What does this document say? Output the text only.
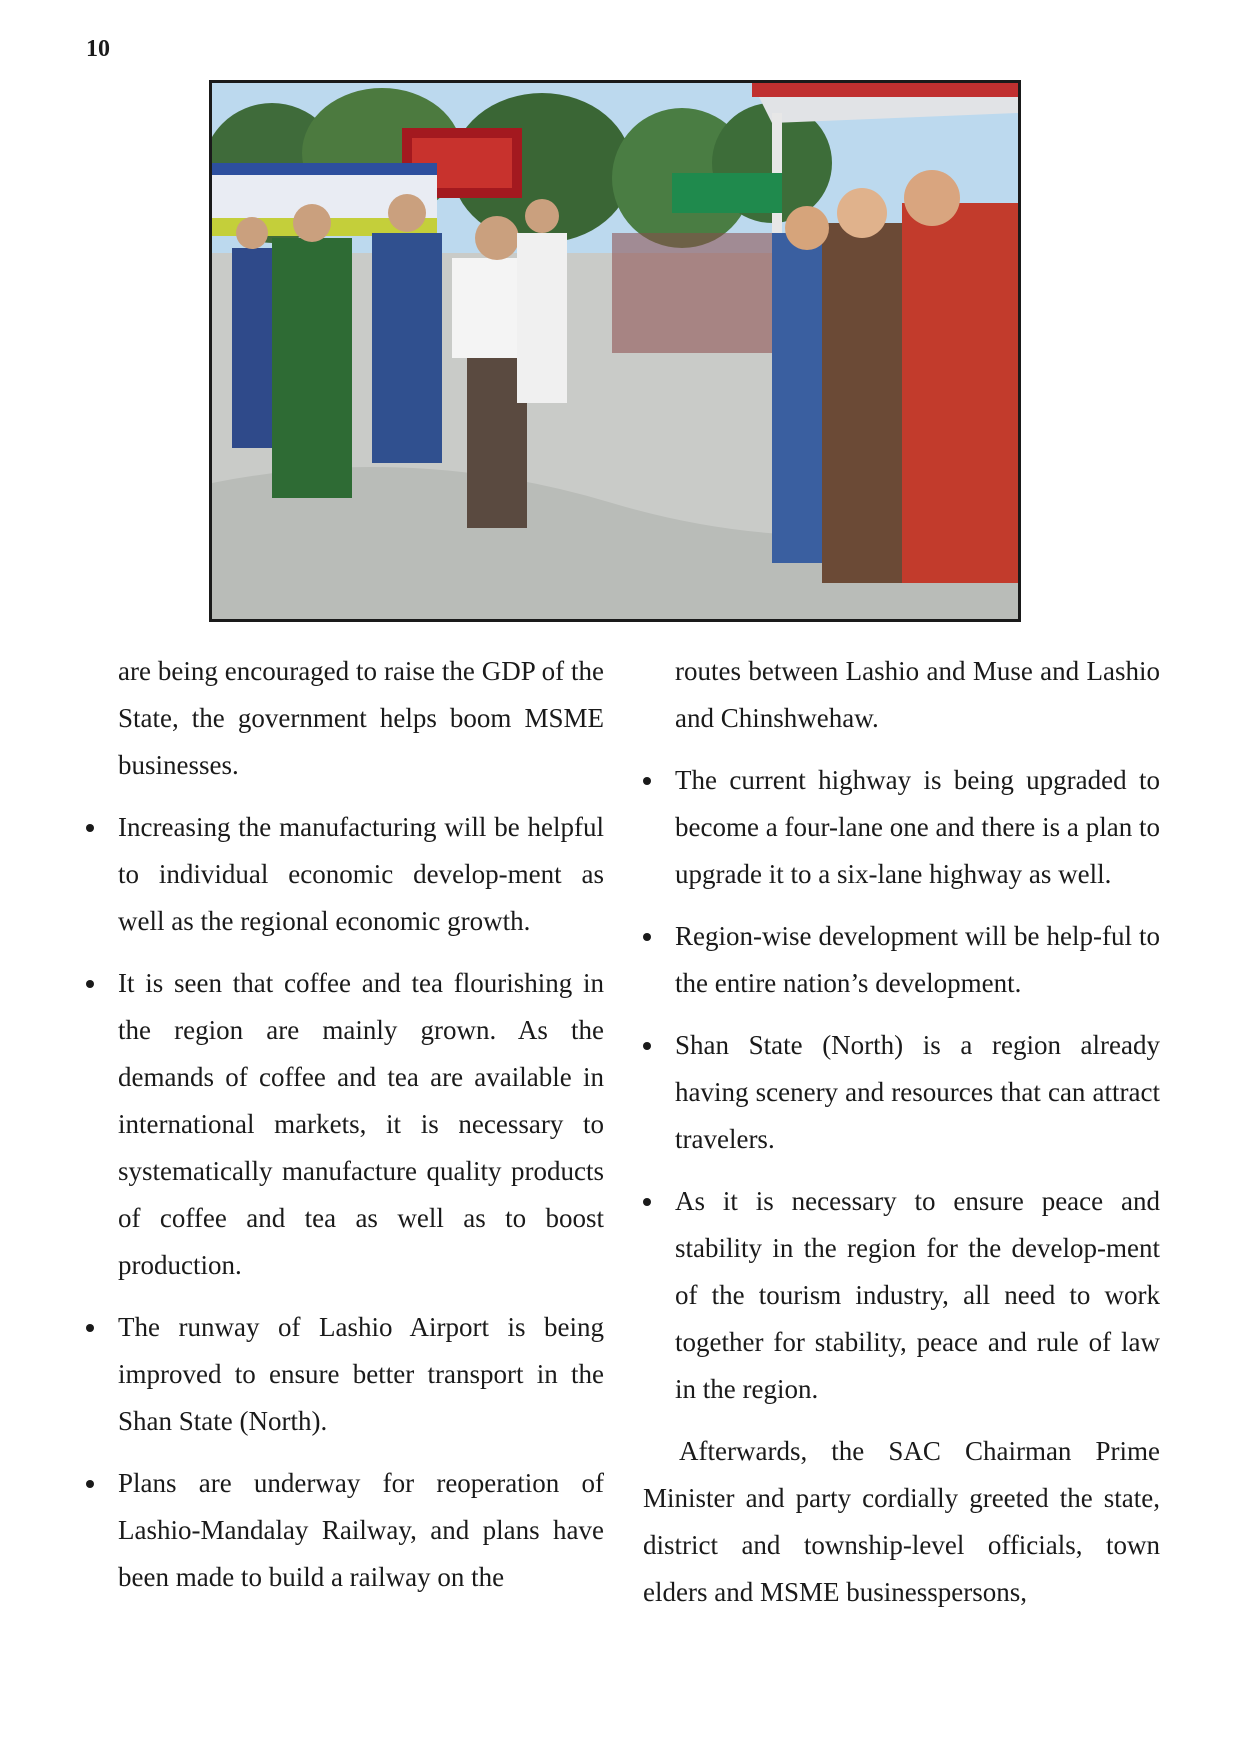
10

are being encouraged to raise the GDP of the State, the government helps boom MSME businesses.

Increasing the manufacturing will be helpful to individual economic develop-ment as well as the regional economic growth.
It is seen that coffee and tea flourishing in the region are mainly grown. As the demands of coffee and tea are available in international markets, it is necessary to systematically manufacture quality products of coffee and tea as well as to boost production.
The runway of Lashio Airport is being improved to ensure better transport in the Shan State (North).
Plans are underway for reoperation of Lashio-Mandalay Railway, and plans have been made to build a railway on the

routes between Lashio and Muse and Lashio and Chinshwehaw.

The current highway is being upgraded to become a four-lane one and there is a plan to upgrade it to a six-lane highway as well.
Region-wise development will be help-ful to the entire nation’s development.
Shan State (North) is a region already having scenery and resources that can attract travelers.
As it is necessary to ensure peace and stability in the region for the develop-ment of the tourism industry, all need to work together for stability, peace and rule of law in the region.

Afterwards, the SAC Chairman Prime Minister and party cordially greeted the state, district and township-level officials, town elders and MSME businesspersons,
